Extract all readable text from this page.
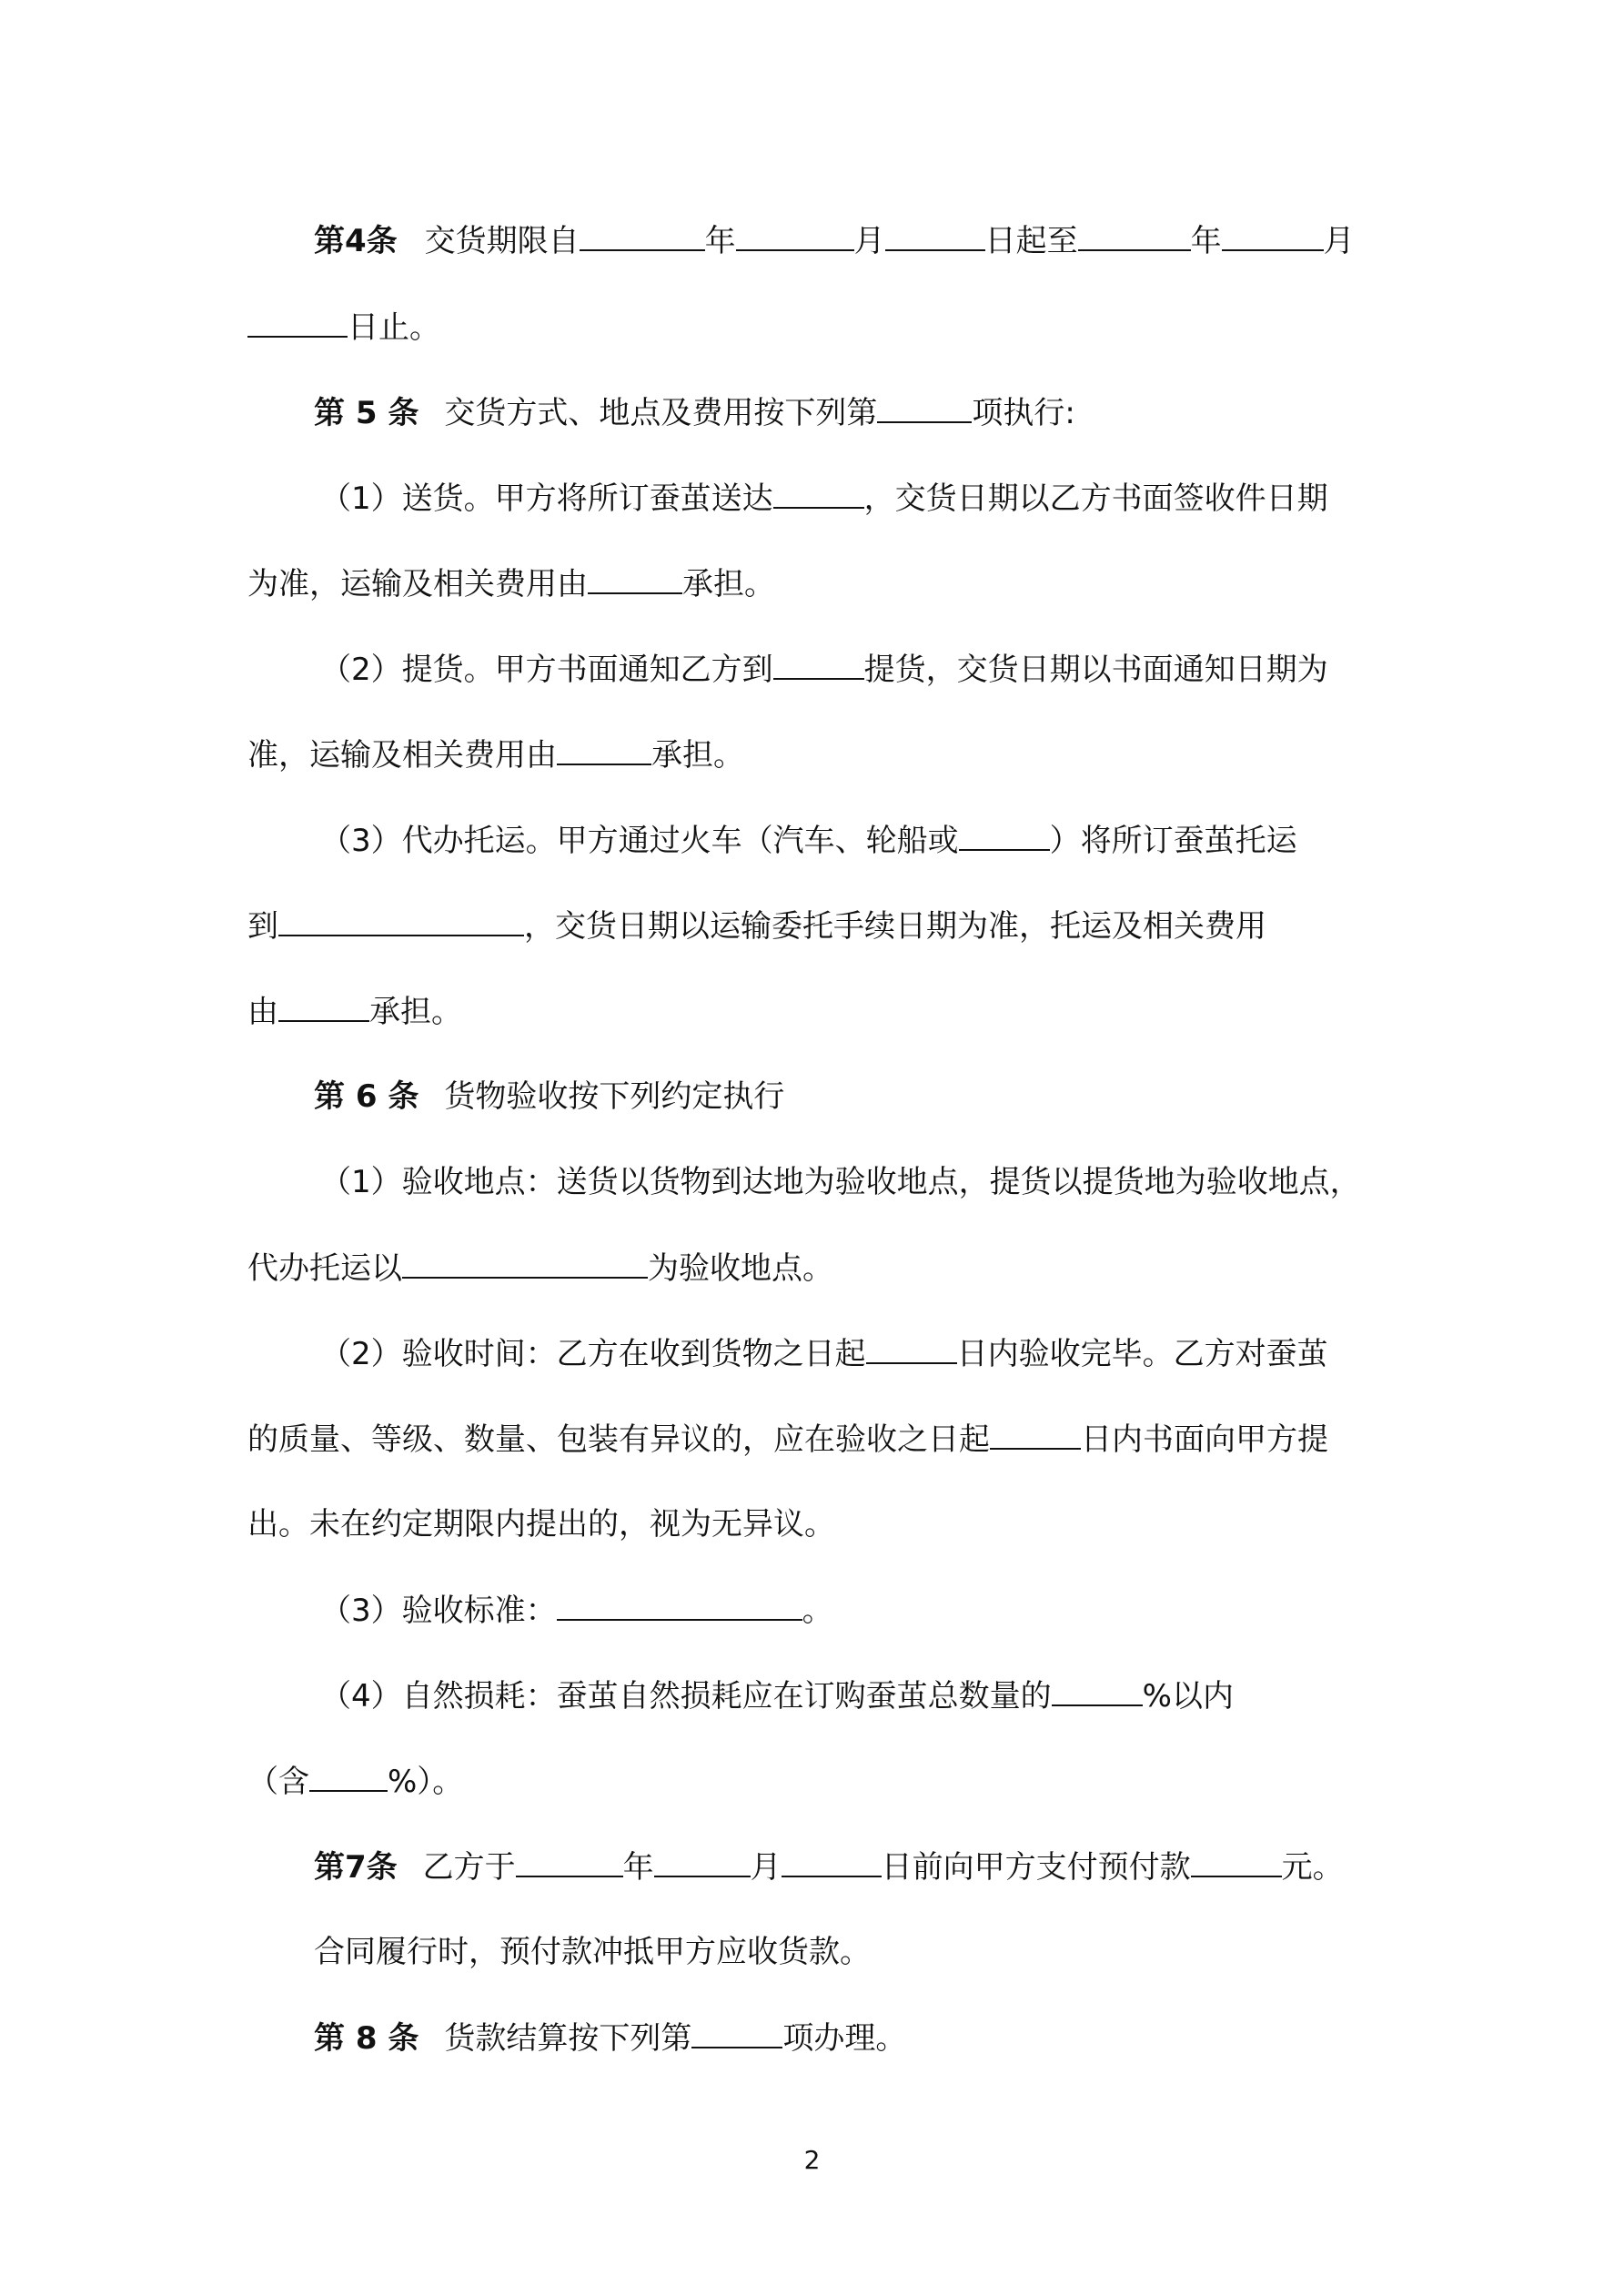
第4条 交货期限自	年	月	日起至	年	月
日止。
第 5 条 交货方式、地点及费用按下列第	项执行:
（1）送货。甲方将所订蚕茧送达	，交货日期以乙方书面签收件日期
为准，运输及相关费用由	承担。
（2）提货。甲方书面通知乙方到	提货，交货日期以书面通知日期为
准，运输及相关费用由	承担。
（3）代办托运。甲方通过火车（汽车、轮船或	）将所订蚕茧托运
到	，交货日期以运输委托手续日期为准，托运及相关费用
由	承担。
第 6 条 货物验收按下列约定执行
（1）验收地点：送货以货物到达地为验收地点，提货以提货地为验收地点，
代办托运以	为验收地点。
（2）验收时间：乙方在收到货物之日起	日内验收完毕。乙方对蚕茧
的质量、等级、数量、包装有异议的，应在验收之日起	日内书面向甲方提
出。未在约定期限内提出的，视为无异议。
（3）验收标准：	。
（4）自然损耗：蚕茧自然损耗应在订购蚕茧总数量的	%以内
（含	%）。
第7条 乙方于	年	月	日前向甲方支付预付款	元。
合同履行时，预付款冲抵甲方应收货款。
第 8 条 货款结算按下列第	项办理。
2
